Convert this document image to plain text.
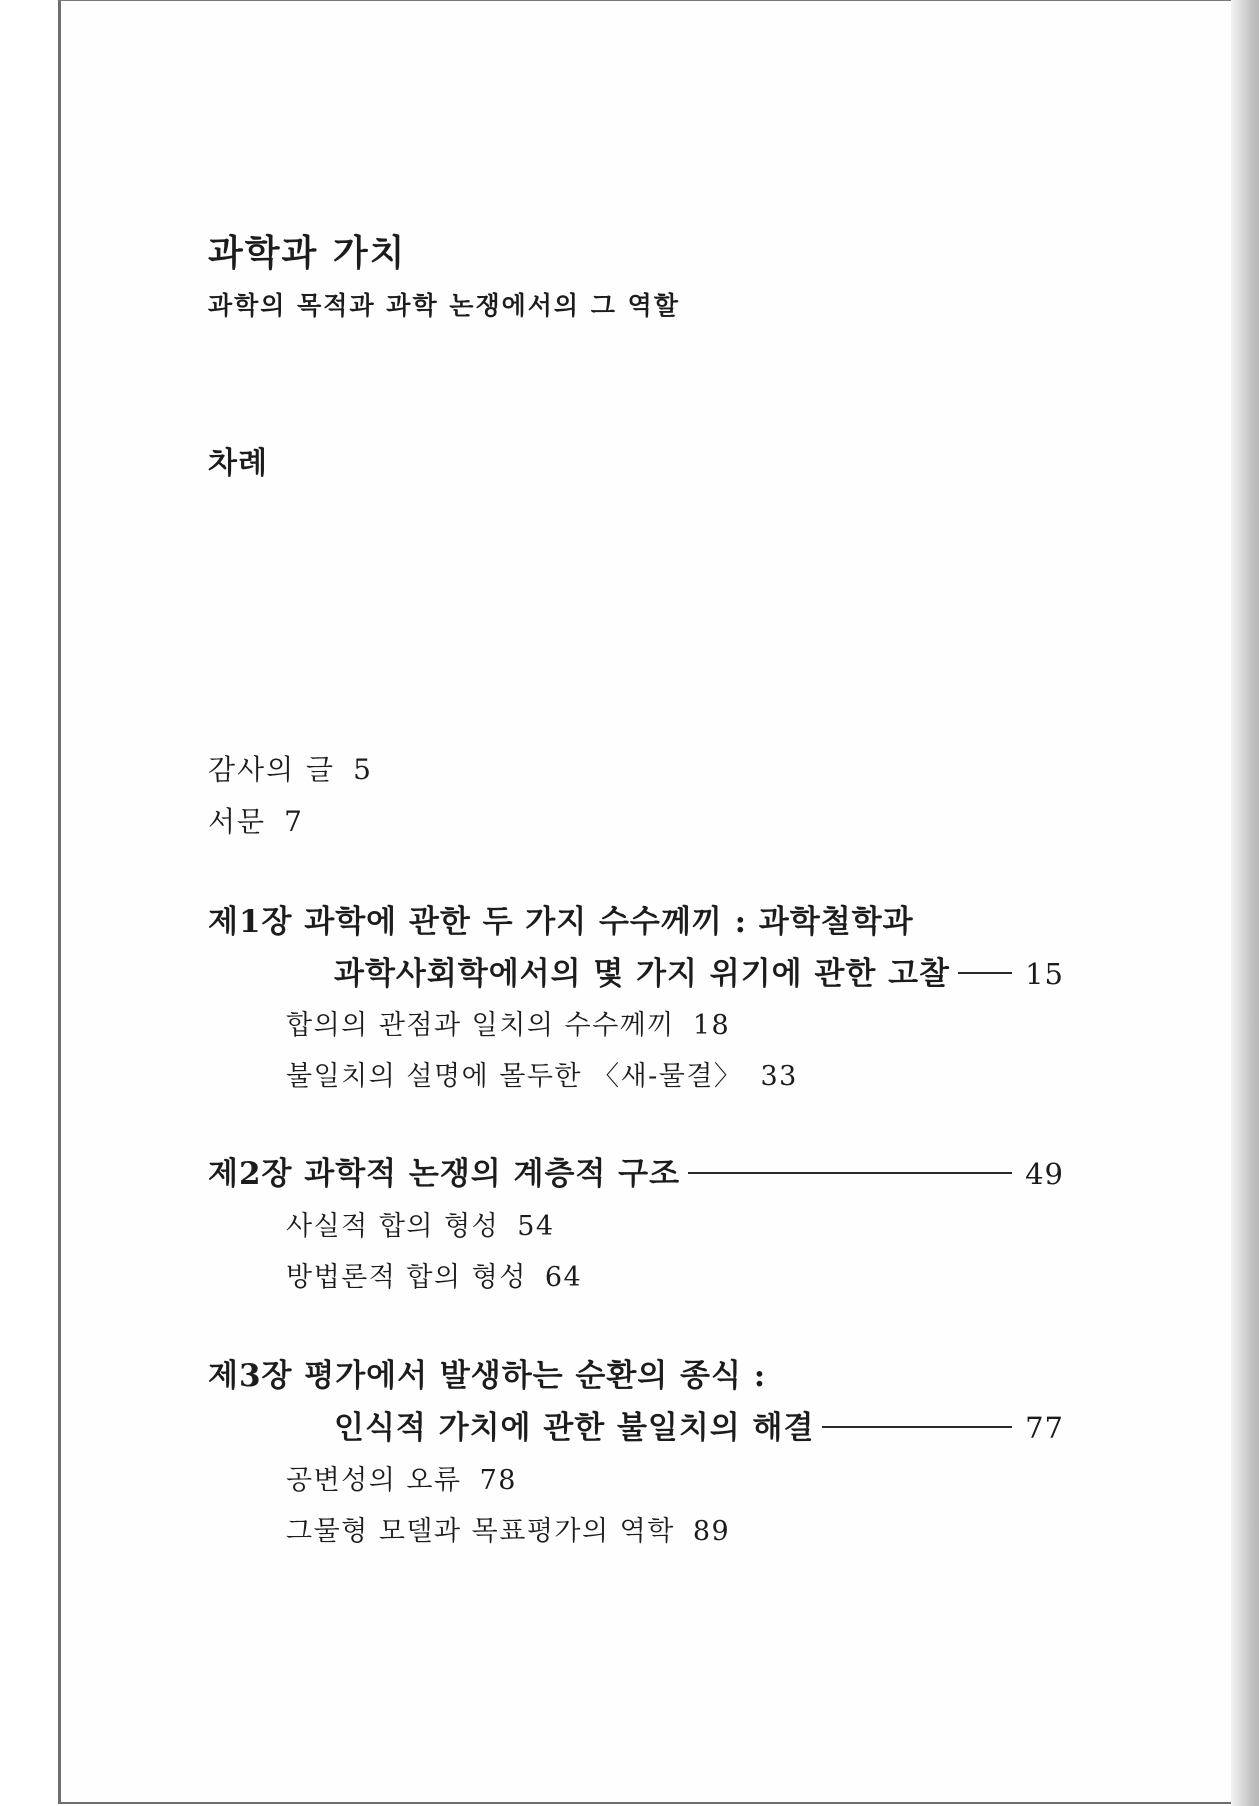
과학과 가치
과학의 목적과 과학 논쟁에서의 그 역할
차례
감사의 글 5
서문 7
제1장 과학에 관한 두 가지 수수께끼 : 과학철학과
과학사회학에서의 몇 가지 위기에 관한 고찰	15
합의의 관점과 일치의 수수께끼 18
불일치의 설명에 몰두한 〈새-물결〉 33
제2장 과학적 논쟁의 계층적 구조	49
사실적 합의 형성 54
방법론적 합의 형성 64
제3장 평가에서 발생하는 순환의 종식 :
인식적 가치에 관한 불일치의 해결	77
공변성의 오류 78
그물형 모델과 목표평가의 역학 89
